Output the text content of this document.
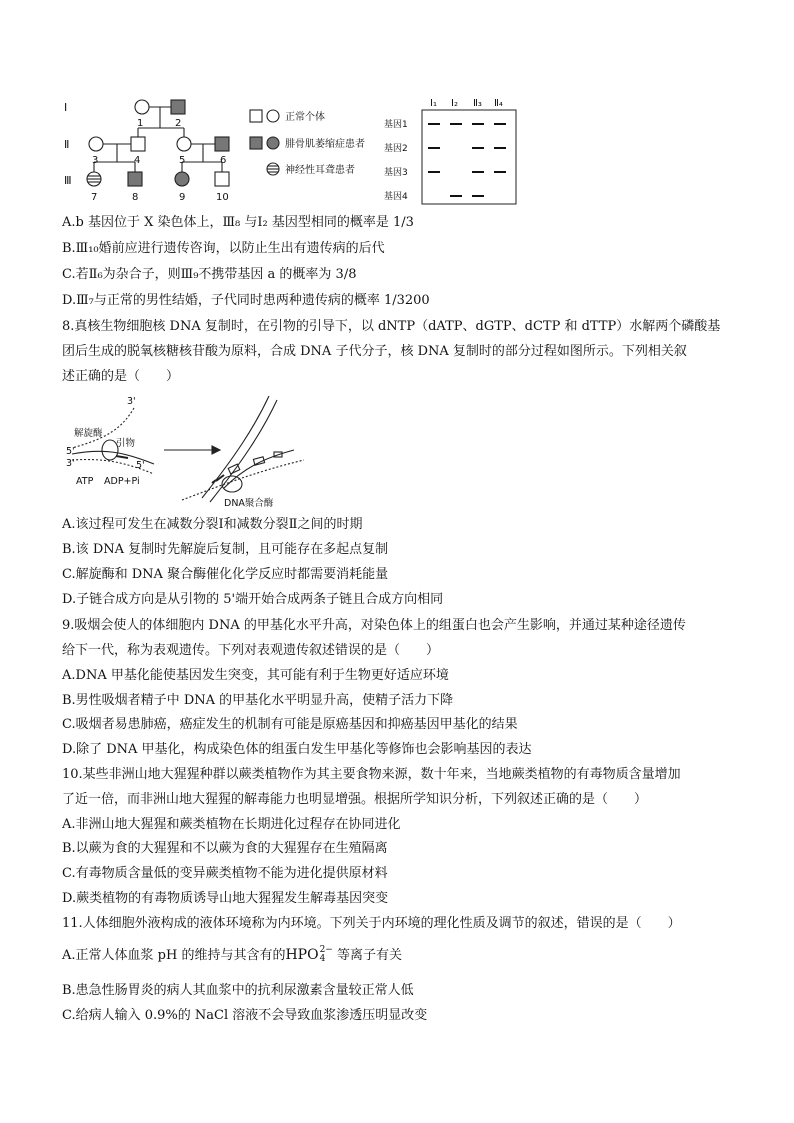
Ⅰ
Ⅱ
Ⅲ
1	2
3	4	5	6
7	8	9	10
正常个体
腓骨肌萎缩症患者
神经性耳聋患者
Ⅰ₁ Ⅰ₂ Ⅱ₃ Ⅱ₄
基因1
基因2
基因3
基因4
A.b 基因位于 X 染色体上，Ⅲ₈ 与Ⅰ₂ 基因型相同的概率是 1/3
B.Ⅲ₁₀婚前应进行遗传咨询，以防止生出有遗传病的后代
C.若Ⅱ₆为杂合子，则Ⅲ₉不携带基因 a 的概率为 3/8
D.Ⅲ₇与正常的男性结婚，子代同时患两种遗传病的概率 1/3200
8.真核生物细胞核 DNA 复制时，在引物的引导下，以 dNTP（dATP、dGTP、dCTP 和 dTTP）水解两个磷酸基
团后生成的脱氧核糖核苷酸为原料，合成 DNA 子代分子，核 DNA 复制时的部分过程如图所示。下列相关叙
述正确的是（　　）
3'
解旋酶
引物
5'
3'	5'
ATP ADP+Pi
DNA聚合酶
A.该过程可发生在减数分裂Ⅰ和减数分裂Ⅱ之间的时期
B.该 DNA 复制时先解旋后复制，且可能存在多起点复制
C.解旋酶和 DNA 聚合酶催化化学反应时都需要消耗能量
D.子链合成方向是从引物的 5'端开始合成两条子链且合成方向相同
9.吸烟会使人的体细胞内 DNA 的甲基化水平升高，对染色体上的组蛋白也会产生影响，并通过某种途径遗传
给下一代，称为表观遗传。下列对表观遗传叙述错误的是（　　）
A.DNA 甲基化能使基因发生突变，其可能有利于生物更好适应环境
B.男性吸烟者精子中 DNA 的甲基化水平明显升高，使精子活力下降
C.吸烟者易患肺癌，癌症发生的机制有可能是原癌基因和抑癌基因甲基化的结果
D.除了 DNA 甲基化，构成染色体的组蛋白发生甲基化等修饰也会影响基因的表达
10.某些非洲山地大猩猩种群以蕨类植物作为其主要食物来源，数十年来，当地蕨类植物的有毒物质含量增加
了近一倍，而非洲山地大猩猩的解毒能力也明显增强。根据所学知识分析，下列叙述正确的是（　　）
A.非洲山地大猩猩和蕨类植物在长期进化过程存在协同进化
B.以蕨为食的大猩猩和不以蕨为食的大猩猩存在生殖隔离
C.有毒物质含量低的变异蕨类植物不能为进化提供原材料
D.蕨类植物的有毒物质诱导山地大猩猩发生解毒基因突变
11.人体细胞外液构成的液体环境称为内环境。下列关于内环境的理化性质及调节的叙述，错误的是（　　）
A.正常人体血浆 pH 的维持与其含有的HPO 2−
4 等离子有关
B.患急性肠胃炎的病人其血浆中的抗利尿激素含量较正常人低
C.给病人输入 0.9%的 NaCl 溶液不会导致血浆渗透压明显改变
